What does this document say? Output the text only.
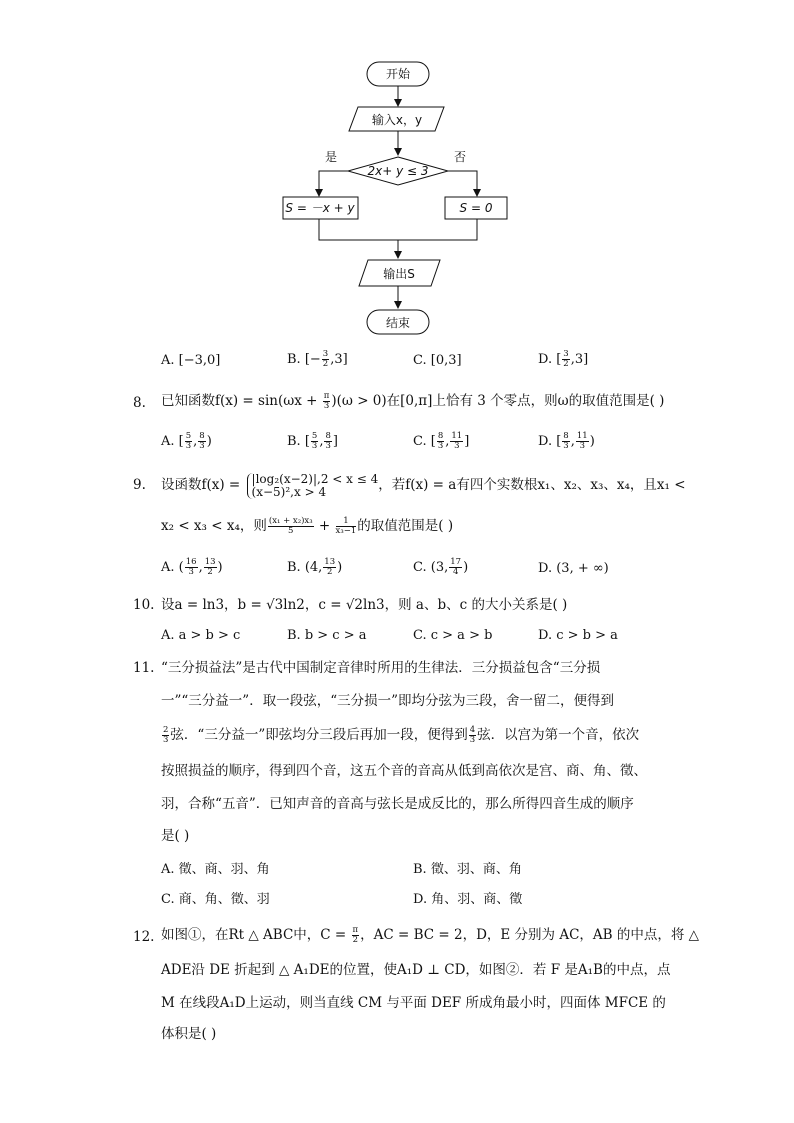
开始
输入x，y
2x+ y ≤ 3
是	否
S = －x + y	S = 0
输出S
结束
A. [−3,0]	B. [− $\frac{3}{2} ,3$]	C. [0,3]	D. [ $\frac{3}{2} ,3$]
8. 已知函数$f(x) = \sin(\omega x + \frac{\pi}{3} )(\omega > 0)$在[0,π]上恰有 3 个零点，则ω的取值范围是( )
A. [ $\frac{5}{3}$ , $\frac{8}{3}$ )	B. [ $\frac{5}{3}$ , $\frac{8}{3}$ ]	C. [ $\frac{8}{3}$ , $\frac{11}{3}$ ]	D. [ $\frac{8}{3}$ , $\frac{11}{3}$ )
9. 设函数f(x) = |log₂(x−2)|,2 < x ≤ 4
(x−5)²,x > 4	，若f(x) = a有四个实数根x₁、x₂、x₃、x₄，且x₁ <
x₂ < x₃ < x₄，则 $\frac{\text{(x₁ + x₂)x₃}}{5} + \frac{1}{\text{x₃−1}}$ 的取值范围是( )
A. ( $\frac{16}{3}$ , $\frac{13}{2}$ )	B. (4, $\frac{13}{2}$ )	C. (3, $\frac{17}{4}$ )	D. (3, + ∞)
10. 设a = ln3，b = √3ln2，c = √2ln3，则 a、b、c 的大小关系是( )
A. a > b > c	B. b > c > a	C. c > a > b	D. c > b > a
11. “三分损益法”是古代中国制定音律时所用的生律法．三分损益包含“三分损
一”“三分益一”．取一段弦，“三分损一”即均分弦为三段，舍一留二，便得到
$\frac{2}{3}$ 弦．“三分益一”即弦均分三段后再加一段，便得到 $\frac{4}{3}$ 弦．以宫为第一个音，依次
按照损益的顺序，得到四个音，这五个音的音高从低到高依次是宫、商、角、徵、
羽，合称“五音”．已知声音的音高与弦长是成反比的，那么所得四音生成的顺序
是( )
A. 徵、商、羽、角	B. 徵、羽、商、角
C. 商、角、徵、羽	D. 角、羽、商、徵
12. 如图①，在Rt △ ABC中，$C = \frac{\pi}{2}$ ，AC = BC = 2，D，E 分别为 AC，AB 的中点，将 △
ADE沿 DE 折起到 △ A₁DE的位置，使A₁D ⊥ CD，如图②．若 F 是A₁B的中点，点
M 在线段A₁D上运动，则当直线 CM 与平面 DEF 所成角最小时，四面体 MFCE 的
体积是( )
